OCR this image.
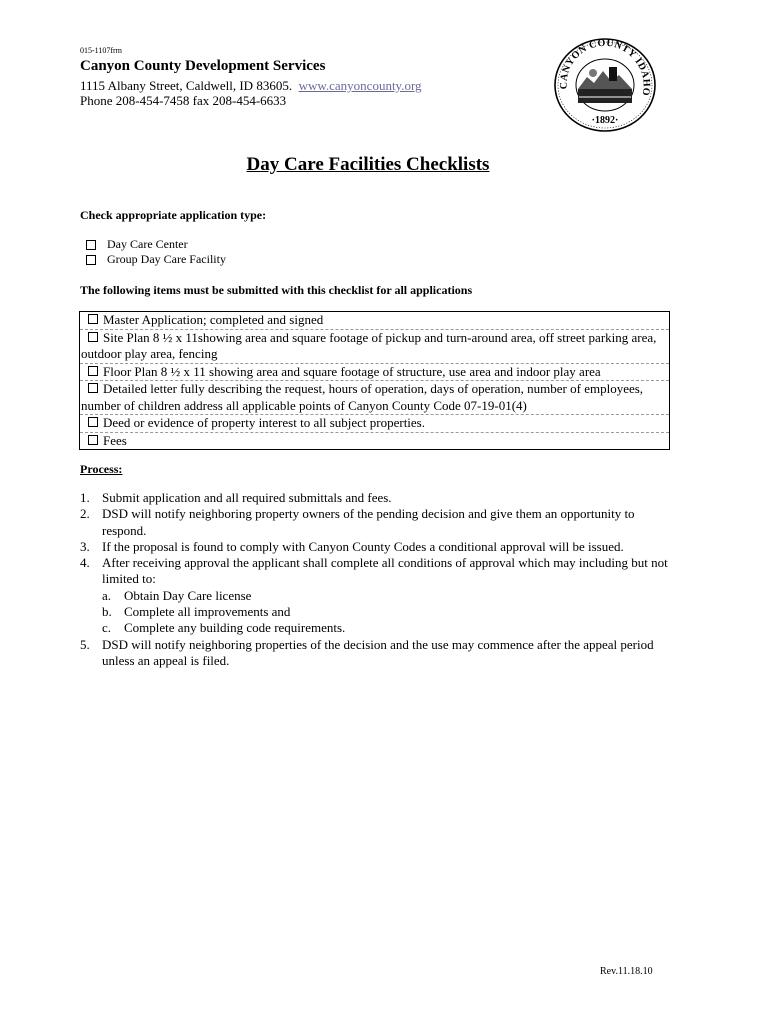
015-1107frm
Canyon County Development Services
1115 Albany Street, Caldwell, ID 83605. www.canyoncounty.org
Phone 208-454-7458 fax 208-454-6633
CANYON COUNTY
IDAHO
·1892·
Day Care Facilities Checklists
Check appropriate application type:
Day Care Center
Group Day Care Facility
The following items must be submitted with this checklist for all applications
Master Application; completed and signed
Site Plan 8 ½ x 11showing area and square footage of pickup and turn-around area, off street parking area, outdoor play area, fencing
Floor Plan 8 ½ x 11 showing area and square footage of structure, use area and indoor play area
Detailed letter fully describing the request, hours of operation, days of operation, number of employees, number of children address all applicable points of Canyon County Code 07-19-01(4)
Deed or evidence of property interest to all subject properties.
Fees
Process:
1. Submit application and all required submittals and fees.
2. DSD will notify neighboring property owners of the pending decision and give them an opportunity to respond.
3. If the proposal is found to comply with Canyon County Codes a conditional approval will be issued.
4. After receiving approval the applicant shall complete all conditions of approval which may including but not limited to:
a. Obtain Day Care license
b. Complete all improvements and
c. Complete any building code requirements.
5. DSD will notify neighboring properties of the decision and the use may commence after the appeal period unless an appeal is filed.
Rev.11.18.10
